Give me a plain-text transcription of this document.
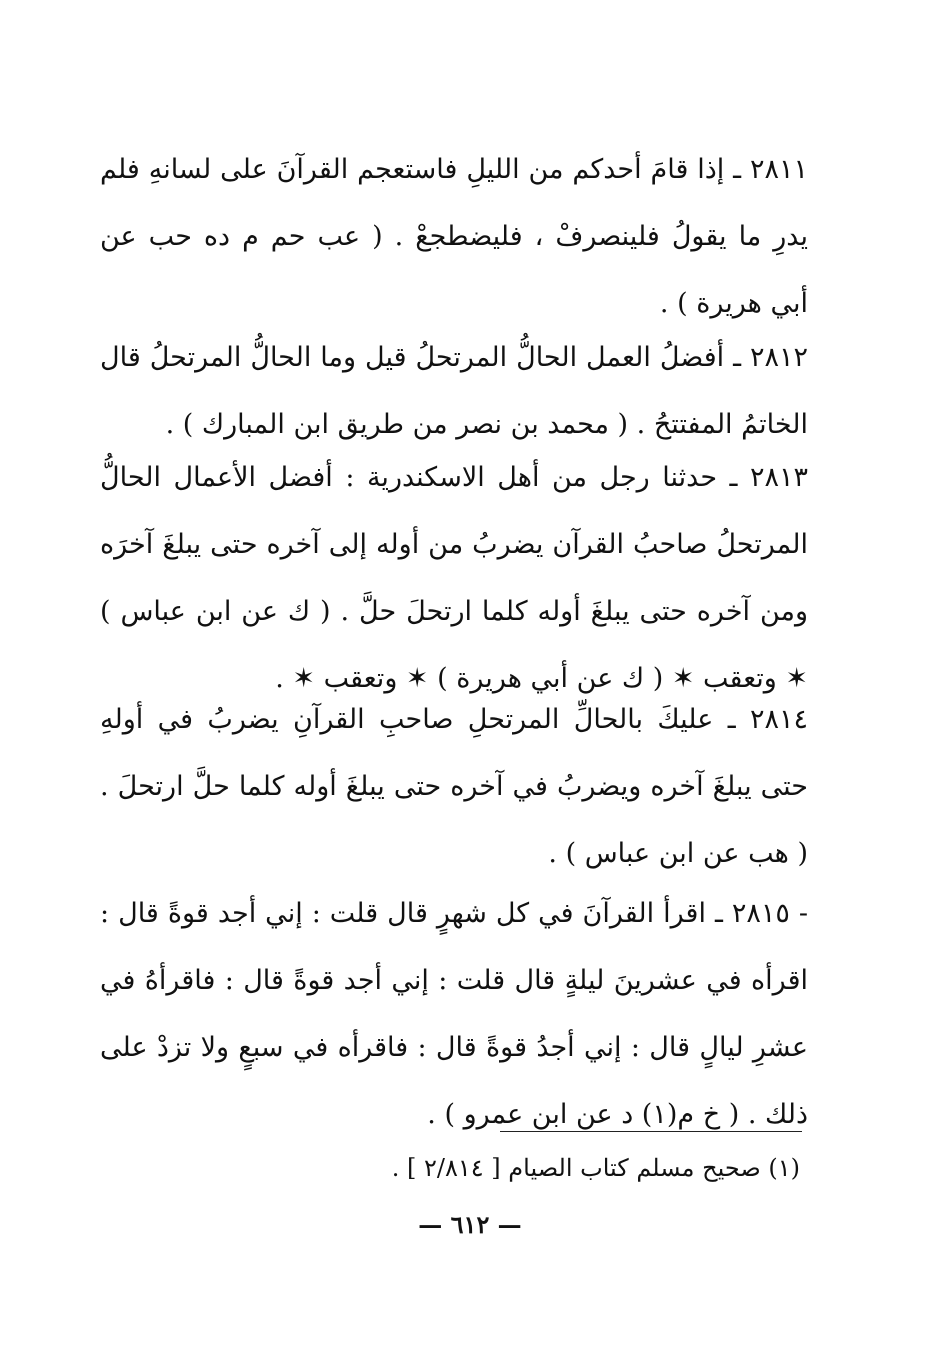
٢٨١١ ـ إذا قامَ أحدكم من الليلِ فاستعجم القرآنَ على لسانهِ فلم يدرِ ما يقولُ فلينصرفْ ، فليضطجعْ . ( عب حم م ده حب عن أبي هريرة ) .
٢٨١٢ ـ أفضلُ العمل الحالُّ المرتحلُ قيل وما الحالُّ المرتحلُ قال الخاتمُ المفتتحُ . ( محمد بن نصر من طريق ابن المبارك ) .
٢٨١٣ ـ حدثنا رجل من أهل الاسكندرية : أفضل الأعمال الحالُّ المرتحلُ صاحبُ القرآن يضربُ من أوله إلى آخره حتى يبلغَ آخرَه ومن آخره حتى يبلغَ أوله كلما ارتحلَ حلَّ . ( ك عن ابن عباس ) ✶ وتعقب ✶ ( ك عن أبي هريرة ) ✶ وتعقب ✶ .
٢٨١٤ ـ عليكَ بالحالِّ المرتحلِ صاحبِ القرآنِ يضربُ في أولهِ حتى يبلغَ آخره ويضربُ في آخره حتى يبلغَ أوله كلما حلَّ ارتحلَ . ( هب عن ابن عباس ) .
- ٢٨١٥ ـ اقرأ القرآنَ في كل شهرٍ قال قلت : إني أجد قوةً قال : اقرأه في عشرينَ ليلةٍ قال قلت : إني أجد قوةً قال : فاقرأهُ في عشرِ ليالٍ قال : إني أجدُ قوةً قال : فاقرأه في سبعٍ ولا تزدْ على ذلك . ( خ م(١) د عن ابن عمرو ) .
(١) صحيح مسلم كتاب الصيام [ ٢/٨١٤ ] .
— ٦١٢ —
